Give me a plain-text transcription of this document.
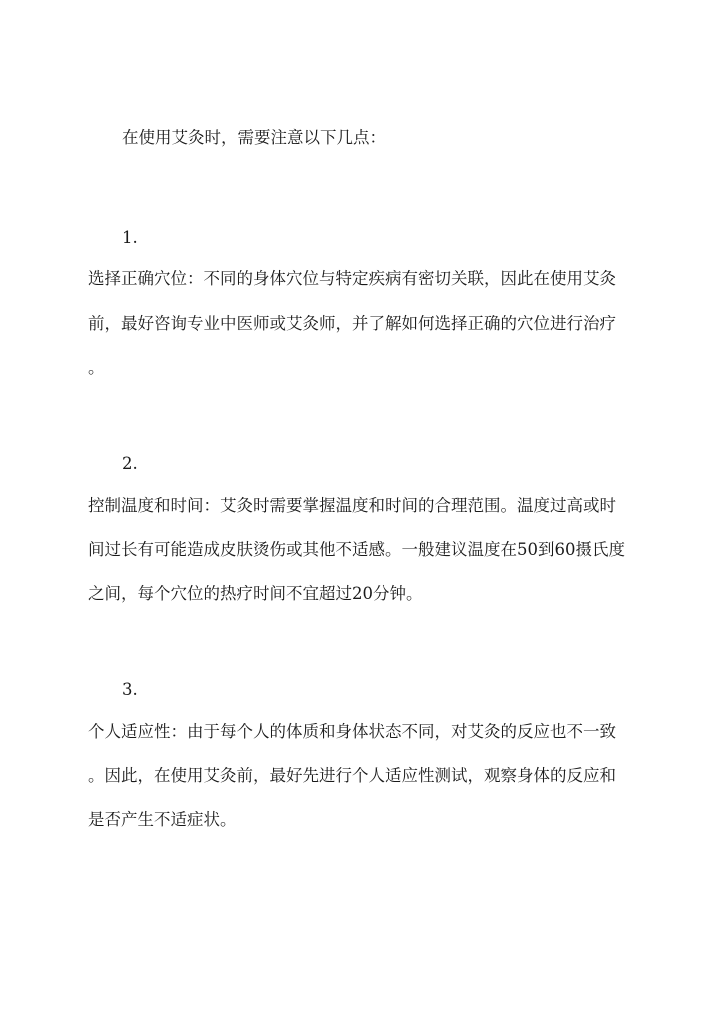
在使用艾灸时，需要注意以下几点：
1.
选择正确穴位：不同的身体穴位与特定疾病有密切关联，因此在使用艾灸
前，最好咨询专业中医师或艾灸师，并了解如何选择正确的穴位进行治疗
。
2.
控制温度和时间：艾灸时需要掌握温度和时间的合理范围。温度过高或时
间过长有可能造成皮肤烫伤或其他不适感。一般建议温度在50到60摄氏度
之间，每个穴位的热疗时间不宜超过20分钟。
3.
个人适应性：由于每个人的体质和身体状态不同，对艾灸的反应也不一致
。因此，在使用艾灸前，最好先进行个人适应性测试，观察身体的反应和
是否产生不适症状。
